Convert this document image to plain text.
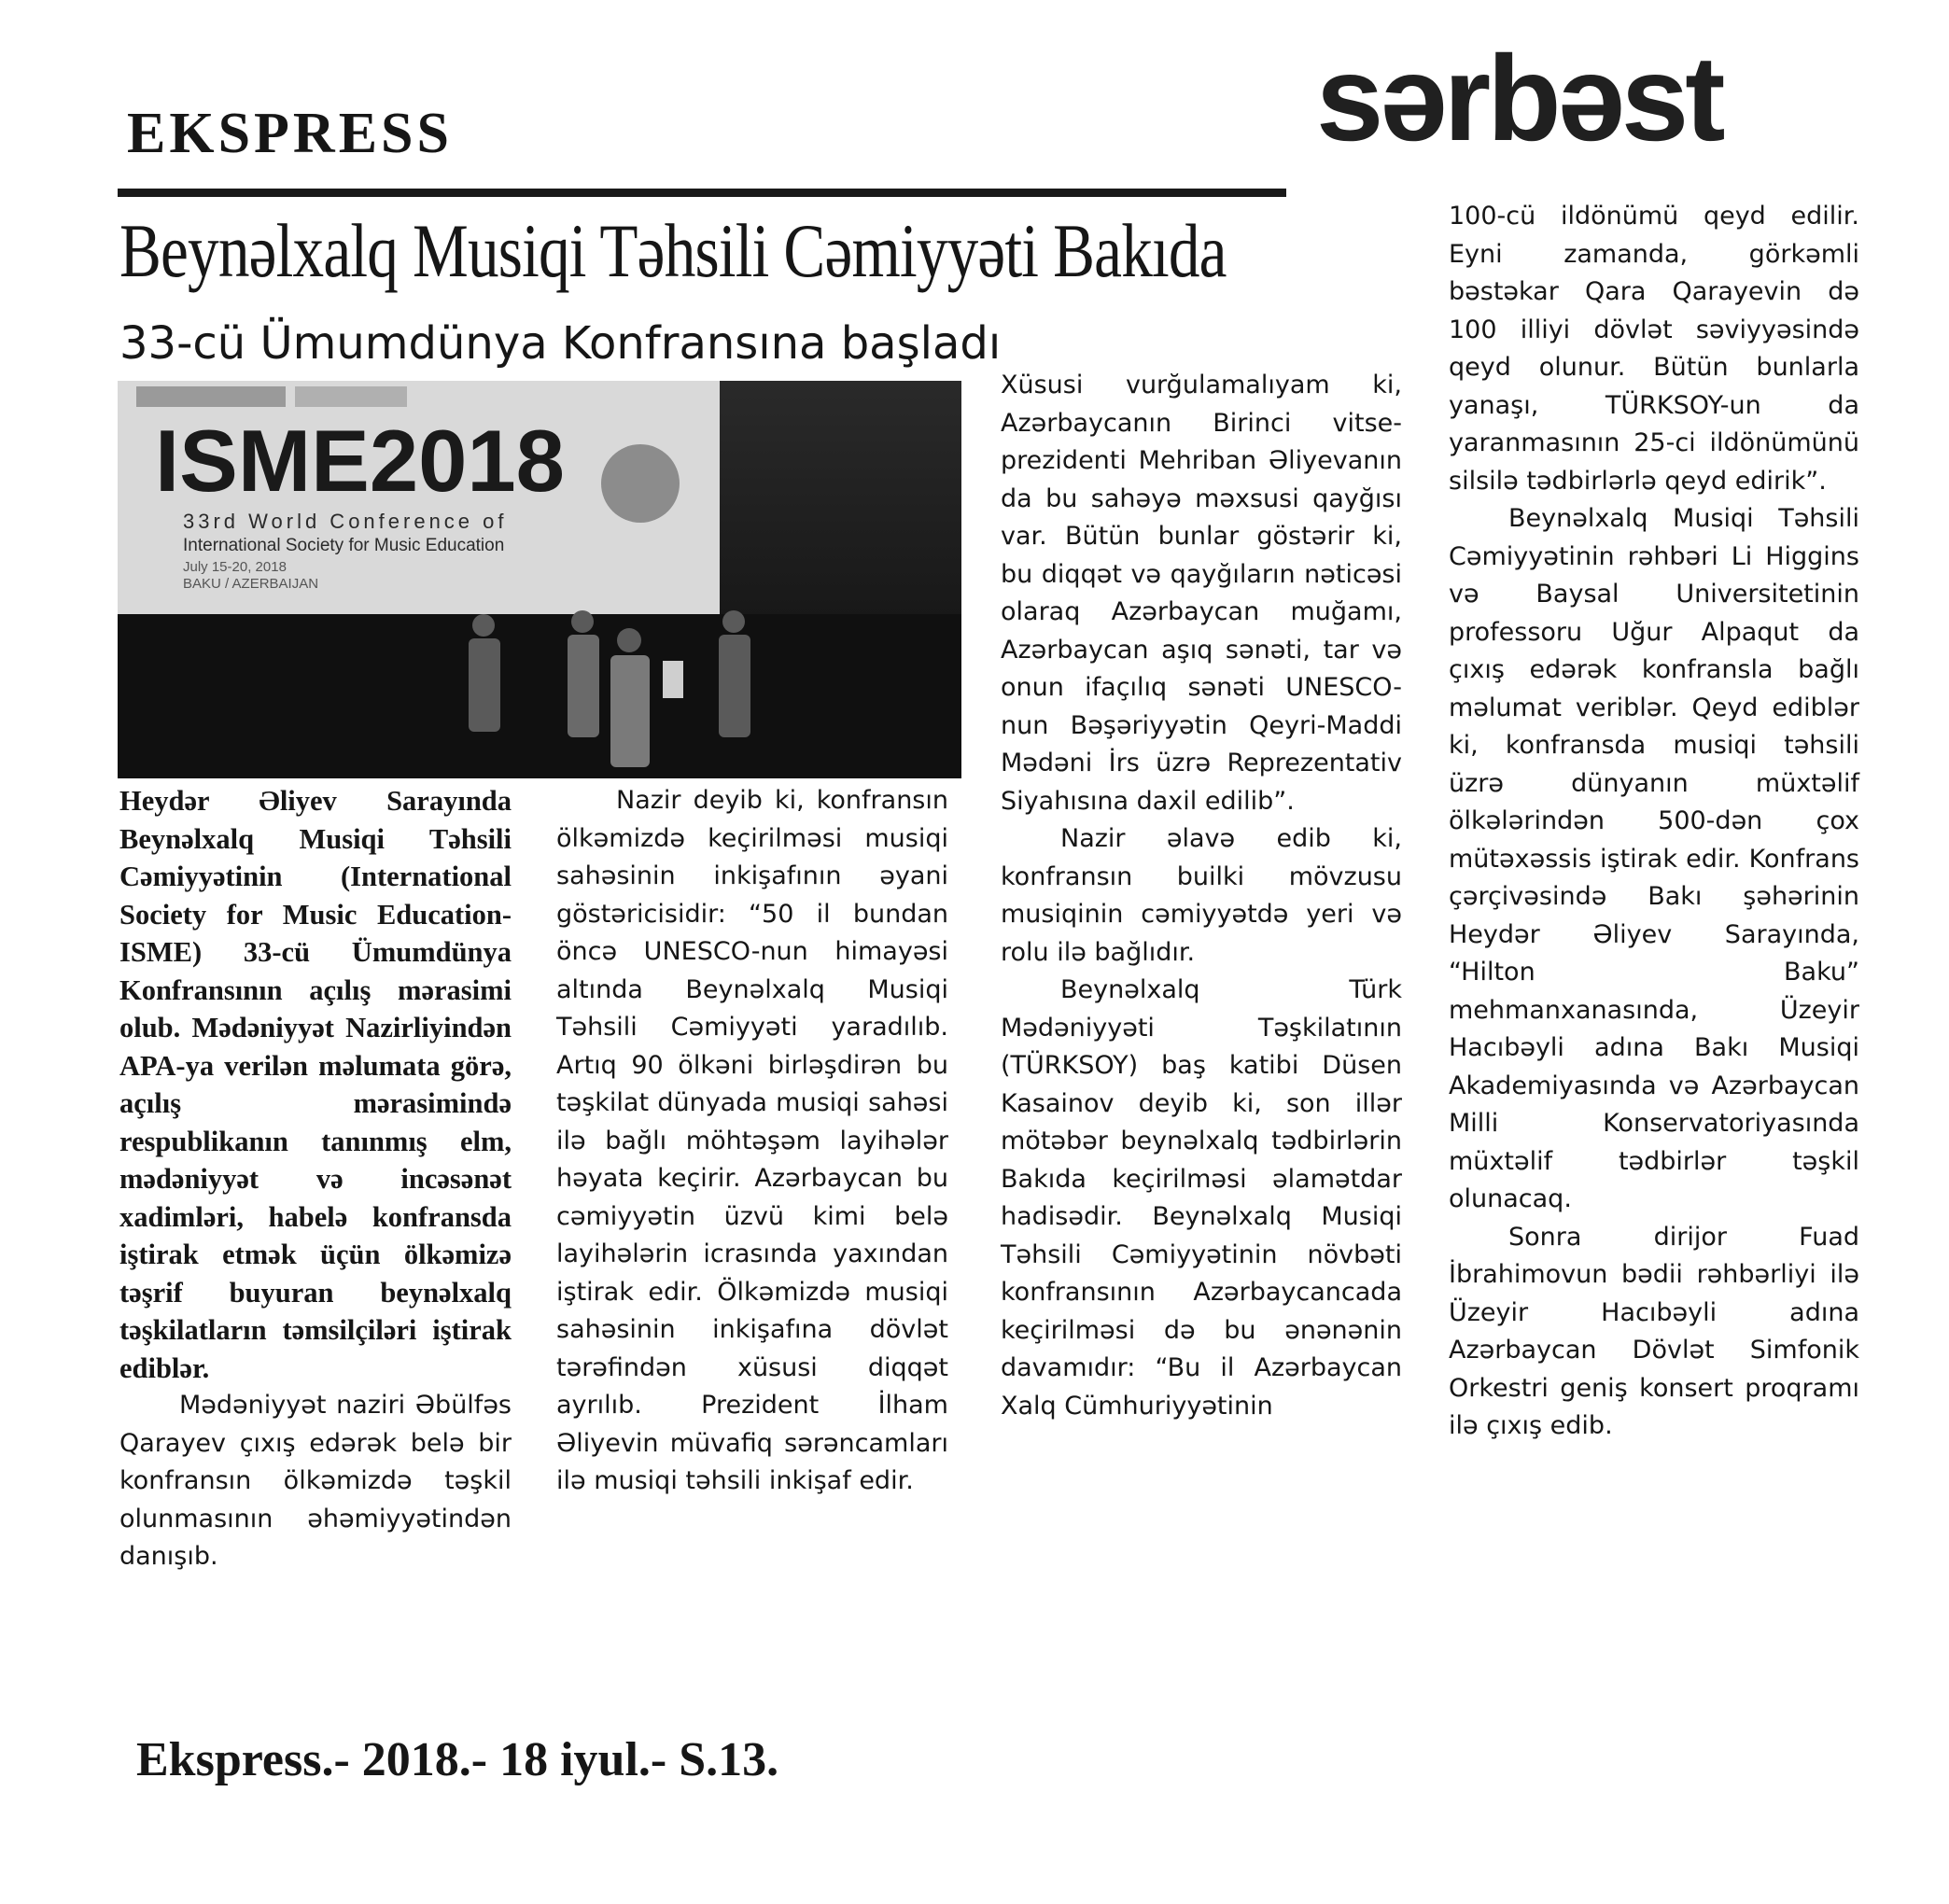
EKSPRESS	sərbəst
Beynəlxalq Musiqi Təhsili Cəmiyyəti Bakıda
33-cü Ümumdünya Konfransına başladı
ISME2018
33rd World Conference of
International Society for Music Education
July 15-20, 2018
BAKU / AZERBAIJAN

Heydər Əliyev Sarayında Beynəlxalq Musiqi Təhsili Cəmiyyətinin (International Society for Music Education- ISME) 33-cü Ümumdünya Konfransının açılış mərasimi olub. Mədəniyyət Nazirliyindən APA-ya verilən məlumata görə, açılış mərasimində respublikanın tanınmış elm, mədəniyyət və incəsənət xadimləri, habelə konfransda iştirak etmək üçün ölkəmizə təşrif buyuran beynəlxalq təşkilatların təmsilçiləri iştirak ediblər.

Mədəniyyət naziri Əbülfəs Qarayev çıxış edərək belə bir konfransın ölkəmizdə təşkil olunmasının əhəmiyyətindən danışıb.

Nazir deyib ki, konfransın ölkəmizdə keçirilməsi musiqi sahəsinin inkişafının əyani göstəricisidir: “50 il bundan öncə UNESCO-nun himayəsi altında Beynəlxalq Musiqi Təhsili Cəmiyyəti yaradılıb. Artıq 90 ölkəni birləşdirən bu təşkilat dünyada musiqi sahəsi ilə bağlı möhtəşəm layihələr həyata keçirir. Azərbaycan bu cəmiyyətin üzvü kimi belə layihələrin icrasında yaxından iştirak edir. Ölkəmizdə musiqi sahəsinin inkişafına dövlət tərəfindən xüsusi diqqət ayrılıb. Prezident İlham Əliyevin müvafiq sərəncamları ilə musiqi təhsili inkişaf edir.

Xüsusi vurğulamalıyam ki, Azərbaycanın Birinci vitse-prezidenti Mehriban Əliyevanın da bu sahəyə məxsusi qayğısı var. Bütün bunlar göstərir ki, bu diqqət və qayğıların nəticəsi olaraq Azərbaycan muğamı, Azərbaycan aşıq sənəti, tar və onun ifaçılıq sənəti UNESCO-nun Bəşəriyyətin Qeyri-Maddi Mədəni İrs üzrə Reprezentativ Siyahısına daxil edilib”.

Nazir əlavə edib ki, konfransın builki mövzusu musiqinin cəmiyyətdə yeri və rolu ilə bağlıdır.

Beynəlxalq Türk Mədəniyyəti Təşkilatının (TÜRKSOY) baş katibi Düsen Kasainov deyib ki, son illər mötəbər beynəlxalq tədbirlərin Bakıda keçirilməsi əlamətdar hadisədir. Beynəlxalq Musiqi Təhsili Cəmiyyətinin növbəti konfransının Azərbaycancada keçirilməsi də bu ənənənin davamıdır: “Bu il Azərbaycan Xalq Cümhuriyyətinin

100-cü ildönümü qeyd edilir. Eyni zamanda, görkəmli bəstəkar Qara Qarayevin də 100 illiyi dövlət səviyyəsində qeyd olunur. Bütün bunlarla yanaşı, TÜRKSOY-un da yaranmasının 25-ci ildönümünü silsilə tədbirlərlə qeyd edirik”.

Beynəlxalq Musiqi Təhsili Cəmiyyətinin rəhbəri Li Higgins və Baysal Universitetinin professoru Uğur Alpaqut da çıxış edərək konfransla bağlı məlumat veriblər. Qeyd ediblər ki, konfransda musiqi təhsili üzrə dünyanın müxtəlif ölkələrindən 500-dən çox mütəxəssis iştirak edir. Konfrans çərçivəsində Bakı şəhərinin Heydər Əliyev Sarayında, “Hilton Baku” mehmanxanasında, Üzeyir Hacıbəyli adına Bakı Musiqi Akademiyasında və Azərbaycan Milli Konservatoriyasında müxtəlif tədbirlər təşkil olunacaq.

Sonra dirijor Fuad İbrahimovun bədii rəhbərliyi ilə Üzeyir Hacıbəyli adına Azərbaycan Dövlət Simfonik Orkestri geniş konsert proqramı ilə çıxış edib.

Ekspress.- 2018.- 18 iyul.- S.13.
